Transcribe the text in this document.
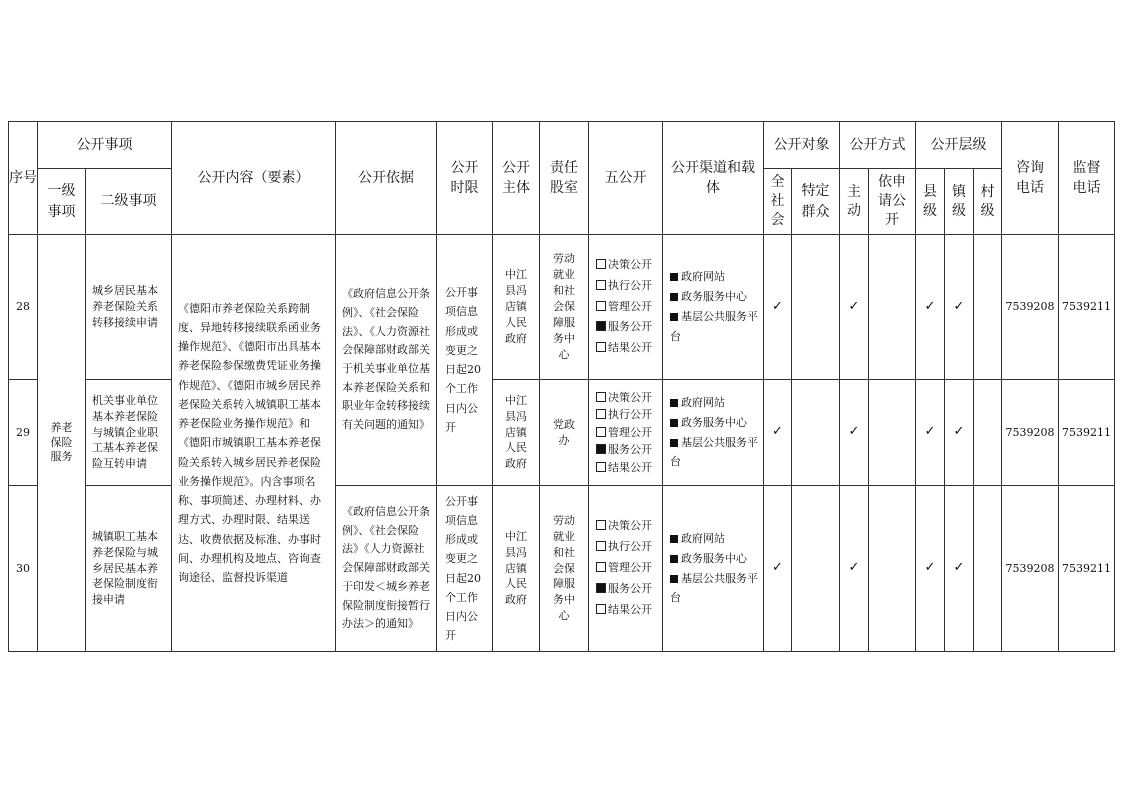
序号	公开事项		公开内容（要素）	公开依据	公开时限	公开主体	责任股室	五公开	公开渠道和载体	公开对象		公开方式		公开层级			咨询电话	监督电话
	一级事项	二级事项								全社会	特定群众	主动	依申请公开	县级	镇级	村级		
28	养老保险服务	城乡居民基本养老保险关系转移接续申请	《德阳市养老保险关系跨制度、异地转移接续联系函业务操作规范》、《德阳市出具基本养老保险参保缴费凭证业务操作规范》、《德阳市城乡居民养老保险关系转入城镇职工基本养老保险业务操作规范》和《德阳市城镇职工基本养老保险关系转入城乡居民养老保险业务操作规范》。内含事项名称、事项简述、办理材料、办理方式、办理时限、结果送达、收费依据及标准、办事时间、办理机构及地点、咨询查询途径、监督投诉渠道	《政府信息公开条例》、《社会保险法》、《人力资源社会保障部财政部关于机关事业单位基本养老保险关系和职业年金转移接续有关问题的通知》	公开事项信息形成或变更之日起20个工作日内公开	中江县冯店镇人民政府	劳动就业和社会保障服务中心	决策公开
执行公开
管理公开
服务公开
结果公开	政府网站
政务服务中心
基层公共服务平台	✓		✓		✓	✓		7539208	7539211
29		机关事业单位基本养老保险与城镇企业职工基本养老保险互转申请				中江县冯店镇人民政府	党政办	决策公开
执行公开
管理公开
服务公开
结果公开	政府网站
政务服务中心
基层公共服务平台	✓		✓		✓	✓		7539208	7539211
30		城镇职工基本养老保险与城乡居民基本养老保险制度衔接申请		《政府信息公开条例》、《社会保险法》《人力资源社会保障部财政部关于印发＜城乡养老保险制度衔接暂行办法＞的通知》	公开事项信息形成或变更之日起20个工作日内公开	中江县冯店镇人民政府	劳动就业和社会保障服务中心	决策公开
执行公开
管理公开
服务公开
结果公开	政府网站
政务服务中心
基层公共服务平台	✓		✓		✓	✓		7539208	7539211
